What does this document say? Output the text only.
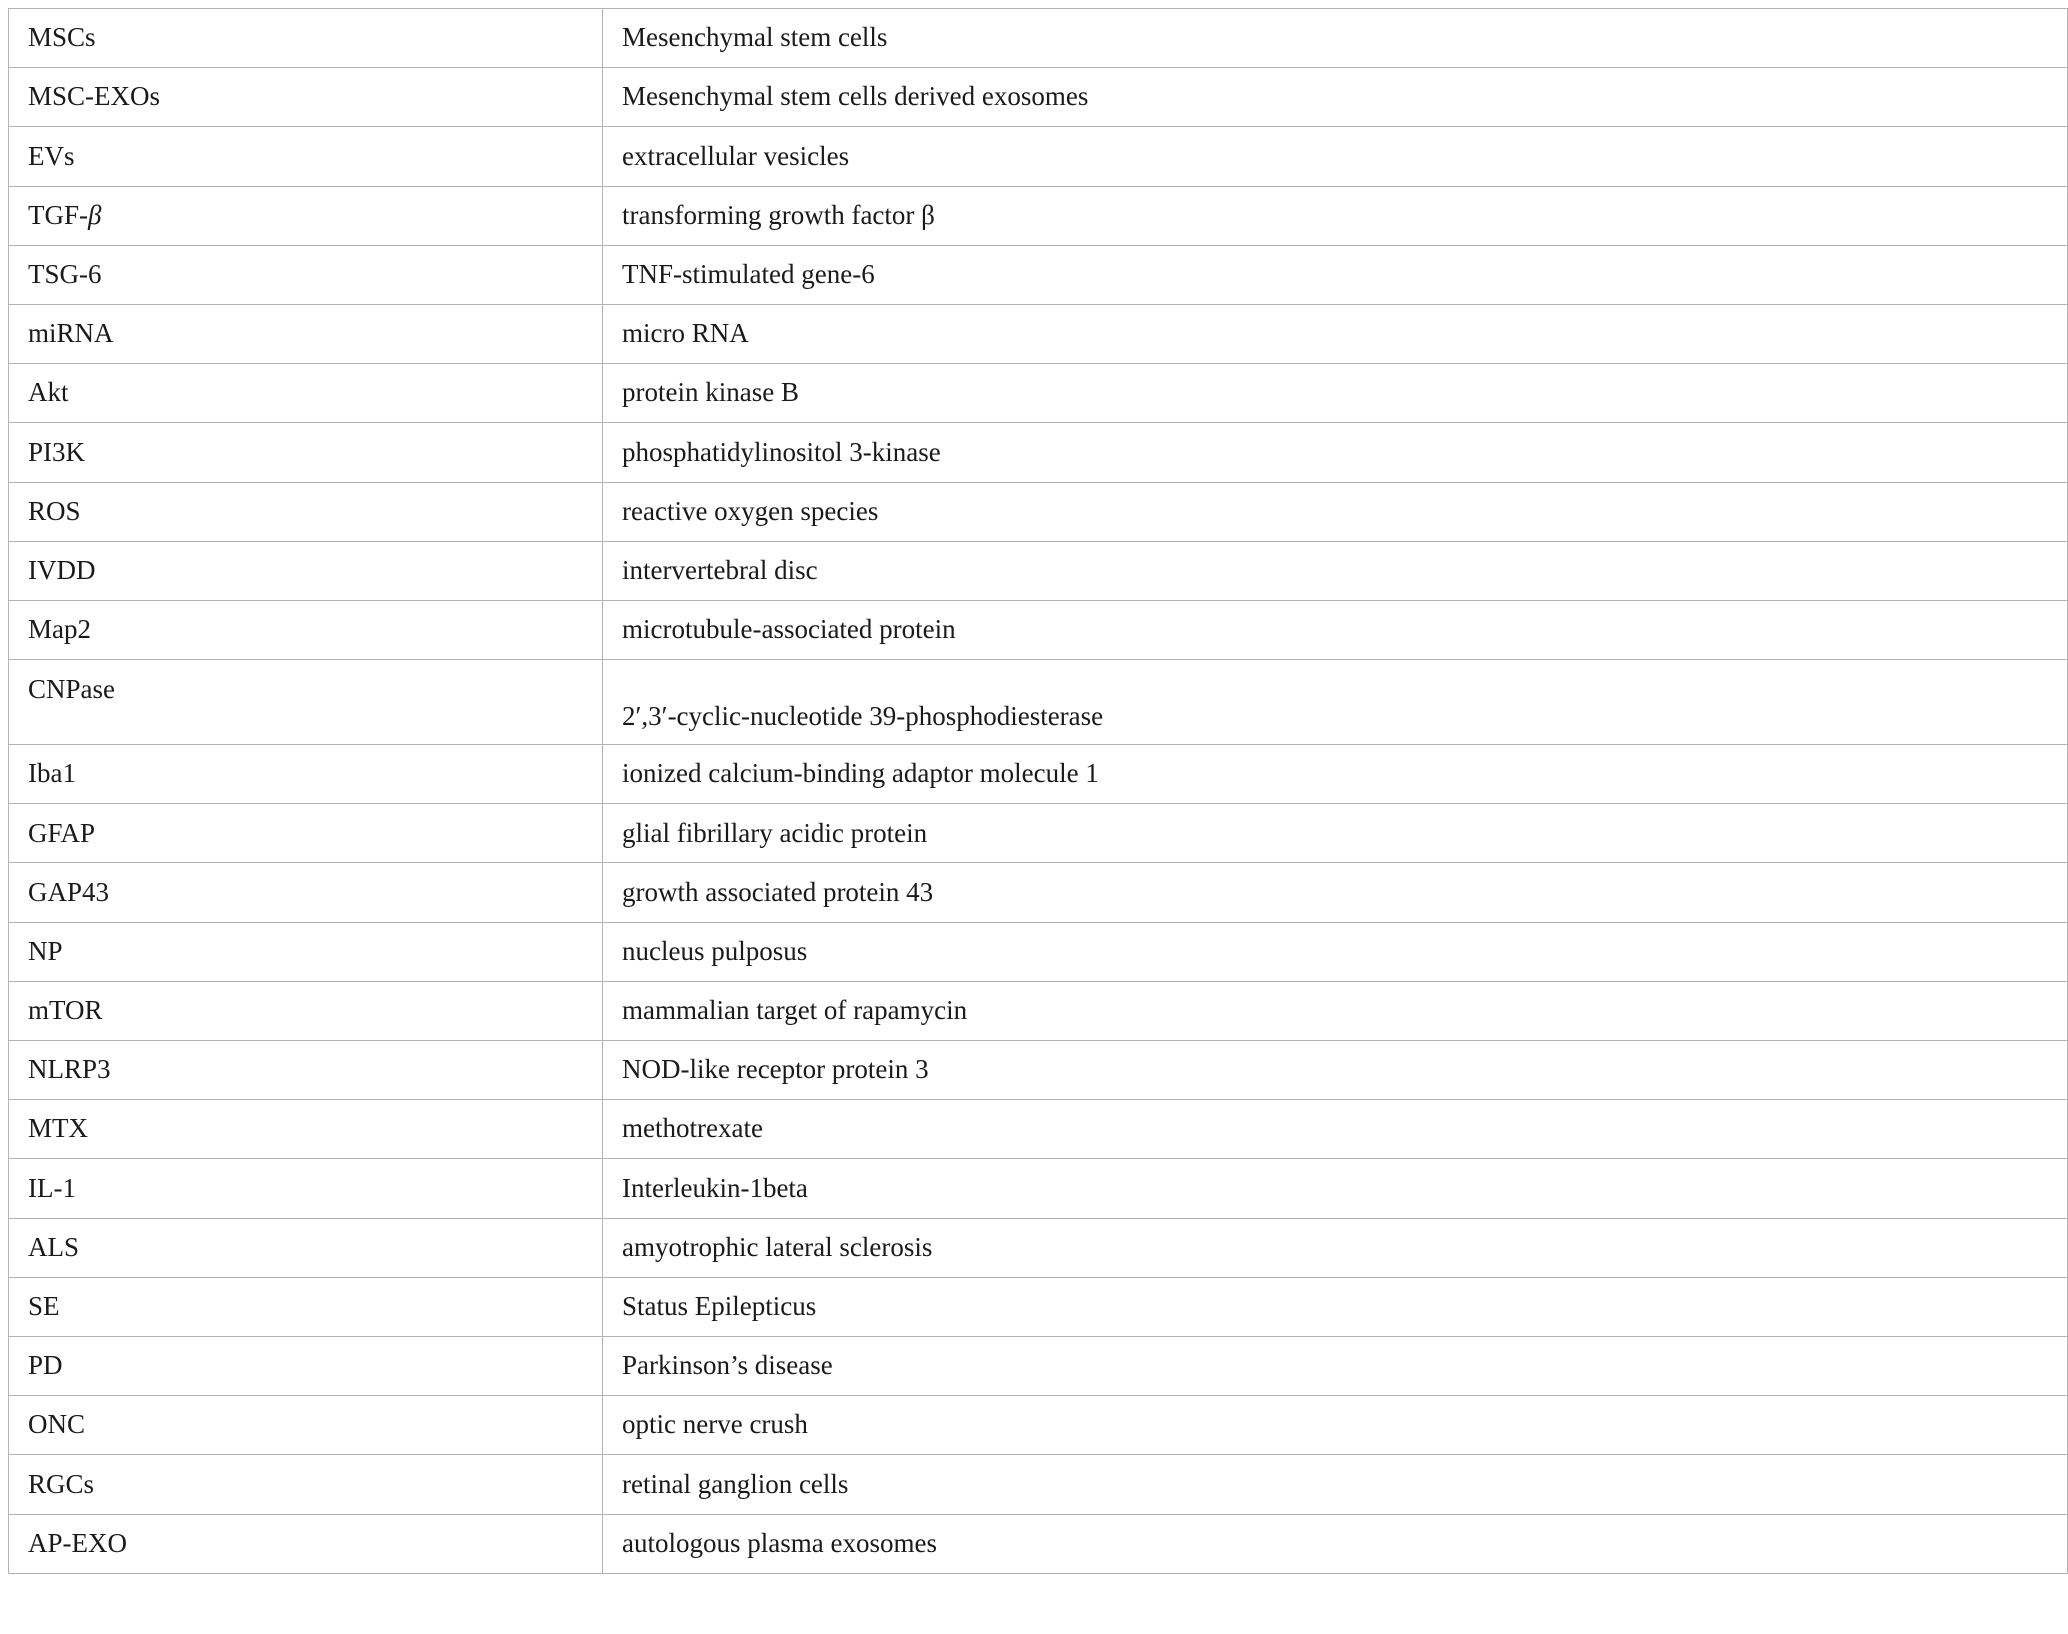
MSCs	Mesenchymal stem cells
MSC-EXOs	Mesenchymal stem cells derived exosomes
EVs	extracellular vesicles
TGF-β	transforming growth factor β
TSG-6	TNF-stimulated gene-6
miRNA	micro RNA
Akt	protein kinase B
PI3K	phosphatidylinositol 3-kinase
ROS	reactive oxygen species
IVDD	intervertebral disc
Map2	microtubule-associated protein
CNPase	2′,3′-cyclic-nucleotide 39-phosphodiesterase
Iba1	ionized calcium-binding adaptor molecule 1
GFAP	glial fibrillary acidic protein
GAP43	growth associated protein 43
NP	nucleus pulposus
mTOR	mammalian target of rapamycin
NLRP3	NOD-like receptor protein 3
MTX	methotrexate
IL-1	Interleukin-1beta
ALS	amyotrophic lateral sclerosis
SE	Status Epilepticus
PD	Parkinson’s disease
ONC	optic nerve crush
RGCs	retinal ganglion cells
AP-EXO	autologous plasma exosomes
